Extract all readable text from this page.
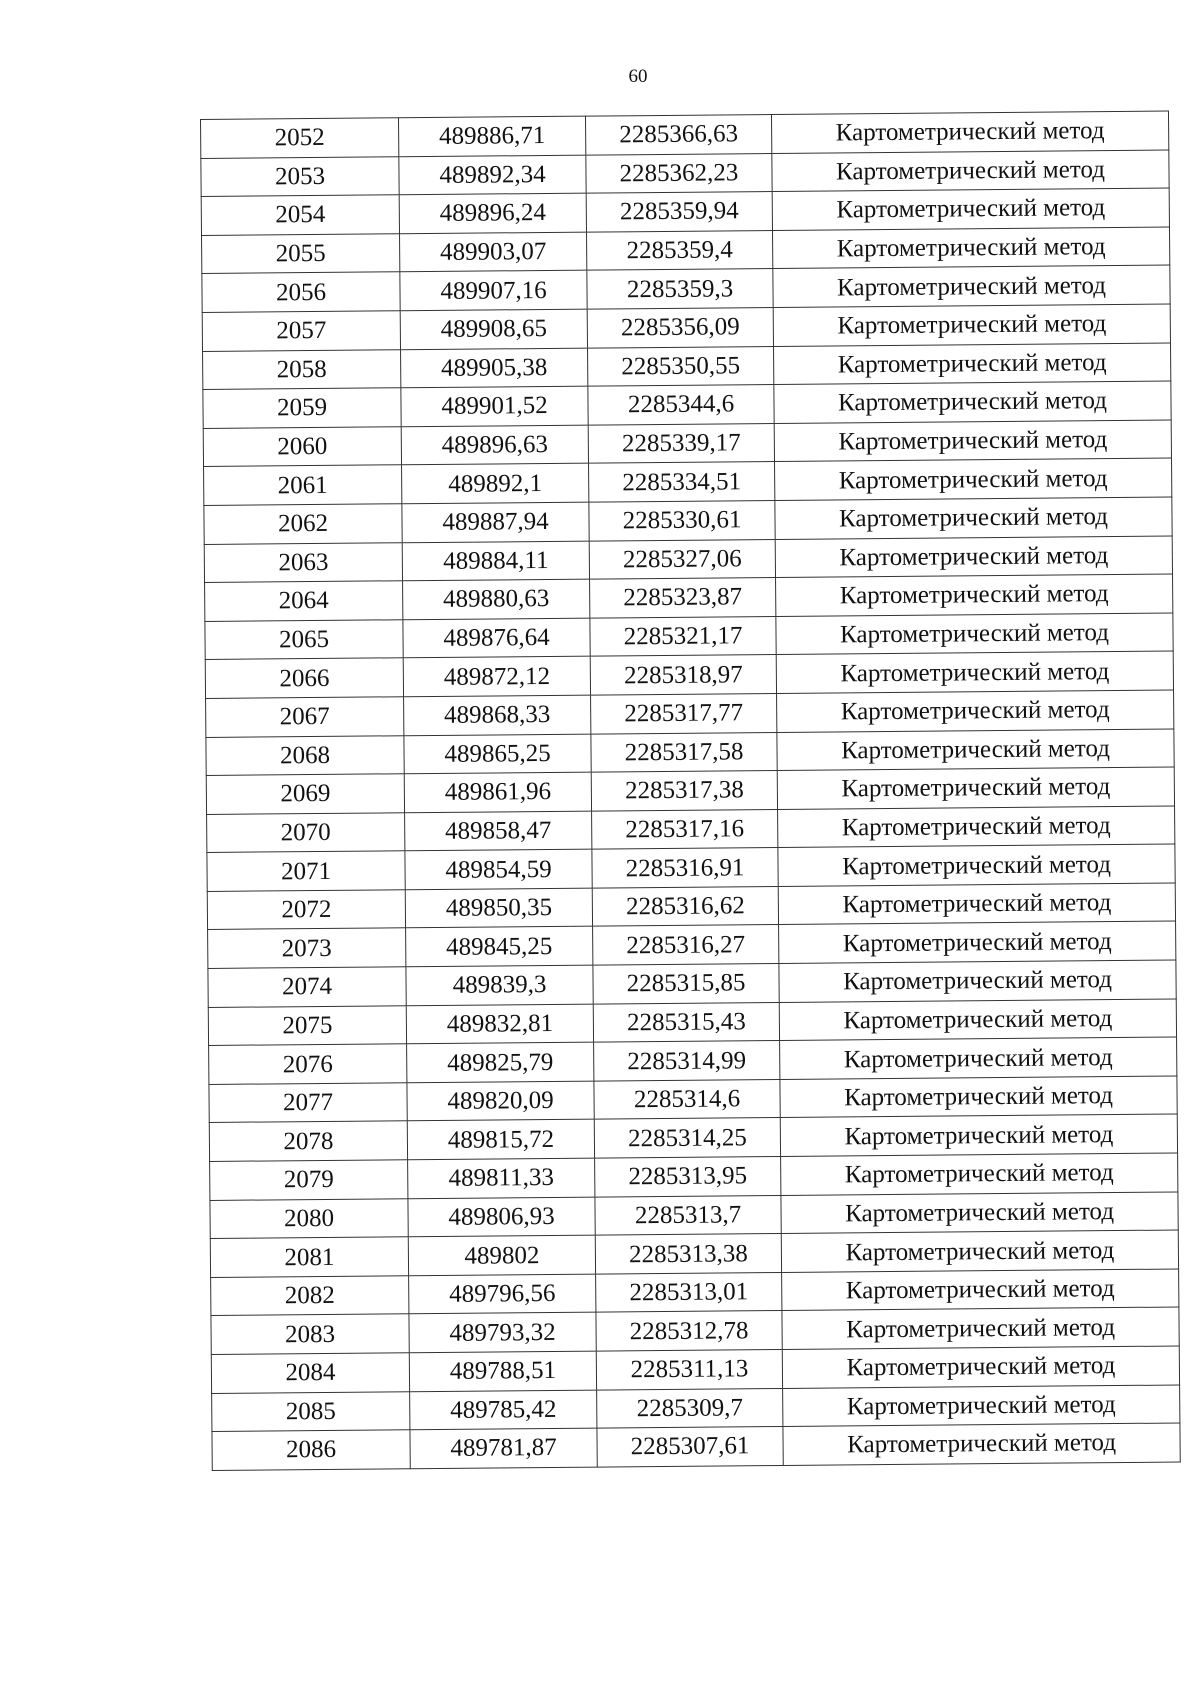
60
2052	489886,71	2285366,63	Картометрический метод
2053	489892,34	2285362,23	Картометрический метод
2054	489896,24	2285359,94	Картометрический метод
2055	489903,07	2285359,4	Картометрический метод
2056	489907,16	2285359,3	Картометрический метод
2057	489908,65	2285356,09	Картометрический метод
2058	489905,38	2285350,55	Картометрический метод
2059	489901,52	2285344,6	Картометрический метод
2060	489896,63	2285339,17	Картометрический метод
2061	489892,1	2285334,51	Картометрический метод
2062	489887,94	2285330,61	Картометрический метод
2063	489884,11	2285327,06	Картометрический метод
2064	489880,63	2285323,87	Картометрический метод
2065	489876,64	2285321,17	Картометрический метод
2066	489872,12	2285318,97	Картометрический метод
2067	489868,33	2285317,77	Картометрический метод
2068	489865,25	2285317,58	Картометрический метод
2069	489861,96	2285317,38	Картометрический метод
2070	489858,47	2285317,16	Картометрический метод
2071	489854,59	2285316,91	Картометрический метод
2072	489850,35	2285316,62	Картометрический метод
2073	489845,25	2285316,27	Картометрический метод
2074	489839,3	2285315,85	Картометрический метод
2075	489832,81	2285315,43	Картометрический метод
2076	489825,79	2285314,99	Картометрический метод
2077	489820,09	2285314,6	Картометрический метод
2078	489815,72	2285314,25	Картометрический метод
2079	489811,33	2285313,95	Картометрический метод
2080	489806,93	2285313,7	Картометрический метод
2081	489802	2285313,38	Картометрический метод
2082	489796,56	2285313,01	Картометрический метод
2083	489793,32	2285312,78	Картометрический метод
2084	489788,51	2285311,13	Картометрический метод
2085	489785,42	2285309,7	Картометрический метод
2086	489781,87	2285307,61	Картометрический метод
